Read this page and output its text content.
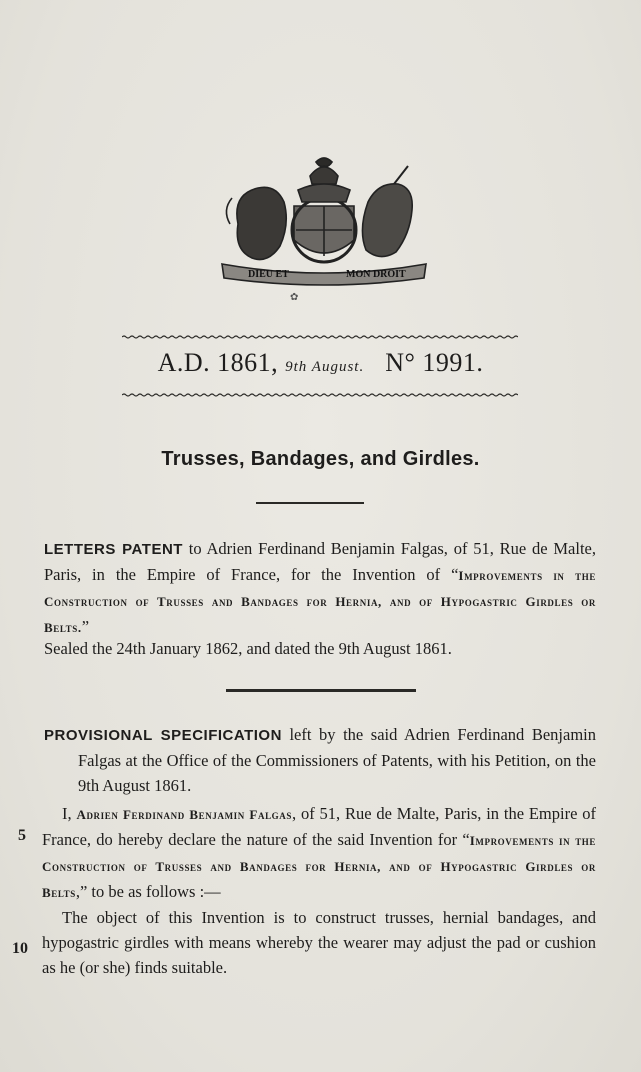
DIEU ET	MON DROIT
✿
A.D. 1861, 9th August. N° 1991.
Trusses, Bandages, and Girdles.
LETTERS PATENT to Adrien Ferdinand Benjamin Falgas, of 51, Rue de Malte, Paris, in the Empire of France, for the Invention of “Improvements in the Construction of Trusses and Bandages for Hernia, and of Hypogastric Girdles or Belts.”
Sealed the 24th January 1862, and dated the 9th August 1861.
PROVISIONAL SPECIFICATION left by the said Adrien Ferdinand Benjamin Falgas at the Office of the Commissioners of Patents, with his Petition, on the 9th August 1861.

I, Adrien Ferdinand Benjamin Falgas, of 51, Rue de Malte, Paris, in the Empire of France, do hereby declare the nature of the said Invention for “Improvements in the Construction of Trusses and Bandages for Hernia, and of Hypogastric Girdles or Belts,” to be as follows :—

The object of this Invention is to construct trusses, hernial bandages, and hypogastric girdles with means whereby the wearer may adjust the pad or cushion as he (or she) finds suitable.

5
10
